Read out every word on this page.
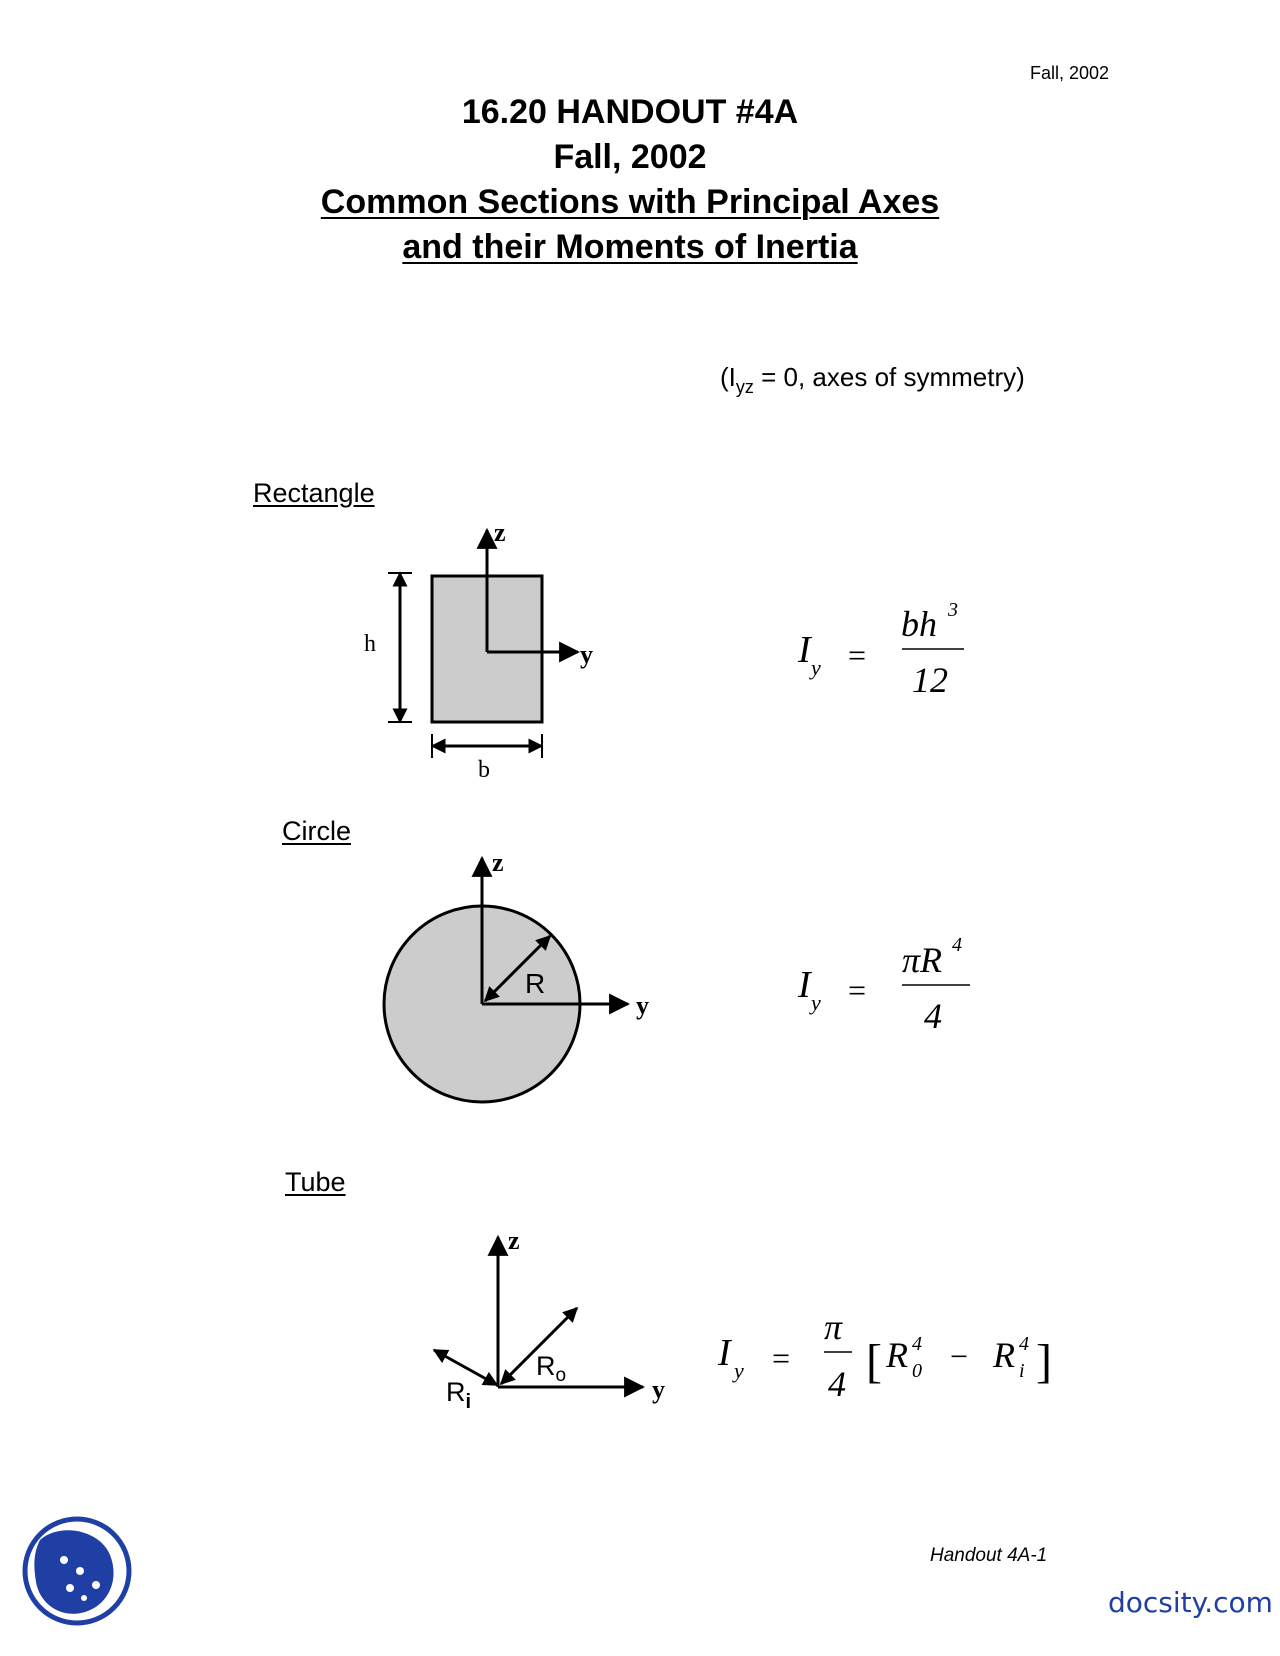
Fall, 2002
16.20 HANDOUT #4A
Fall, 2002
Common Sections with Principal Axes
and their Moments of Inertia
($I_{yz} = 0$, axes of symmetry)
Rectangle
Circle
Tube
z
y
h
b
z
y
R
z
y
$R_o$
$R_i$
I y =
bh 3
12
I y =
πR 4
4
I y =
π
4 [ R 4
0 − R 4
i ]
Handout 4A-1
docsity.com
